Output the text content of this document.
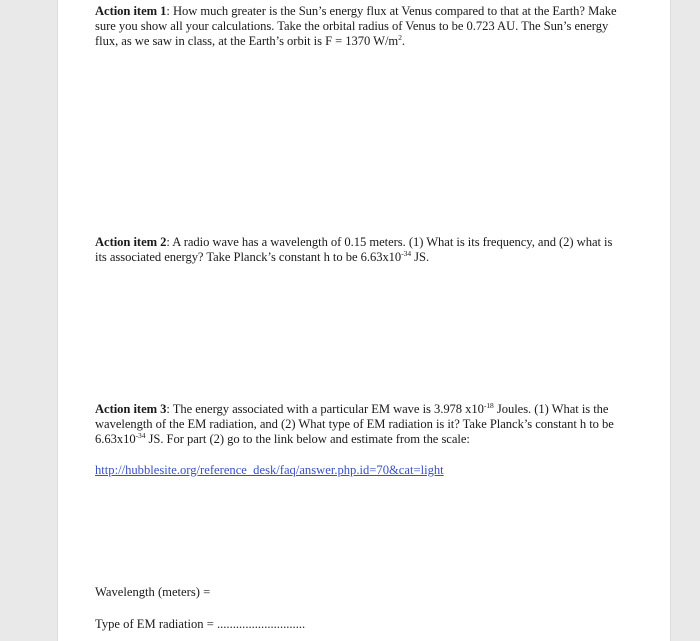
Action item 1: How much greater is the Sun’s energy flux at Venus compared to that at the Earth? Make sure you show all your calculations. Take the orbital radius of Venus to be 0.723 AU. The Sun’s energy flux, as we saw in class, at the Earth’s orbit is F = 1370 $W/m^2$.
Action item 2: A radio wave has a wavelength of 0.15 meters. (1) What is its frequency, and (2) what is its associated energy? Take Planck’s constant h to be $6.63x10^{-34}$ JS.
Action item 3: The energy associated with a particular EM wave is 3.978 $x10^{-18}$ Joules. (1) What is the wavelength of the EM radiation, and (2) What type of EM radiation is it? Take Planck’s constant h to be $6.63x10^{-34}$ JS. For part (2) go to the link below and estimate from the scale:
http://hubblesite.org/reference_desk/faq/answer.php.id=70&cat=light
Wavelength (meters) =
Type of EM radiation = ............................
